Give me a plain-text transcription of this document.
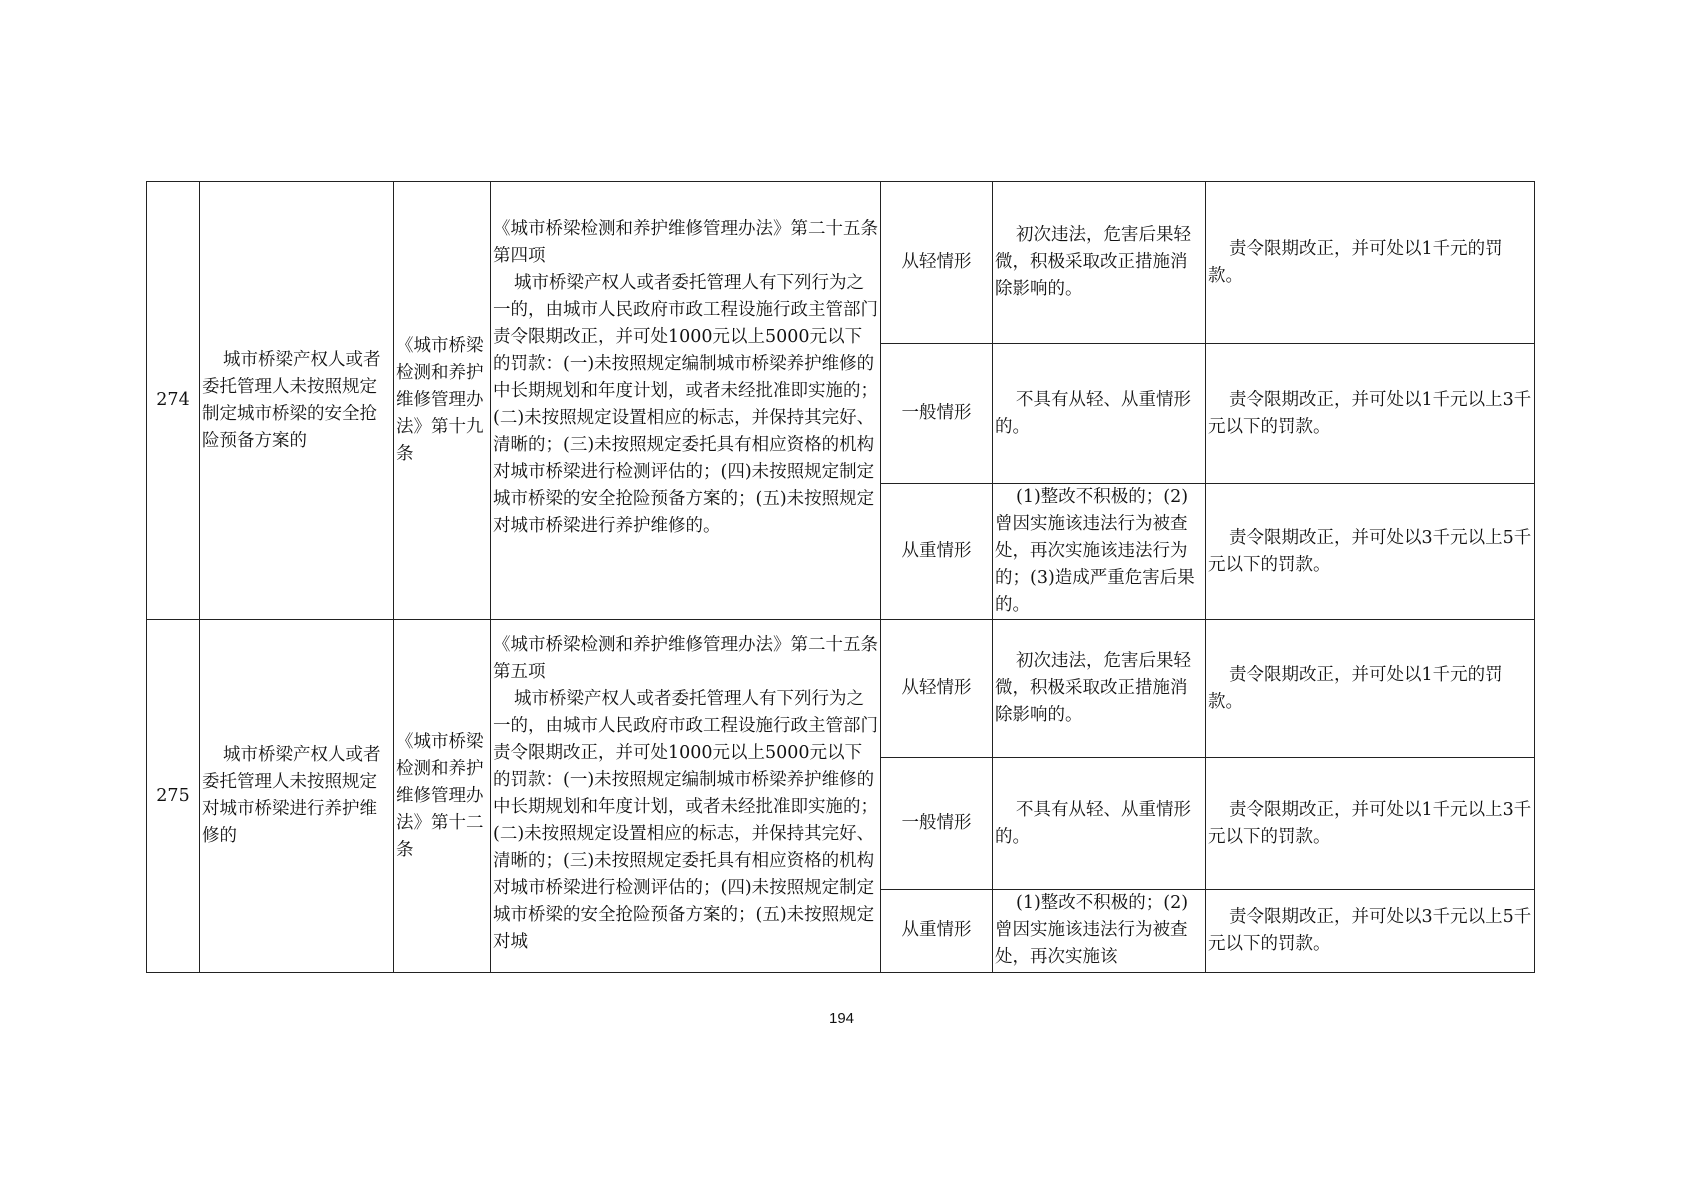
274	城市桥梁产权人或者委托管理人未按照规定制定城市桥梁的安全抢险预备方案的	《城市桥梁检测和养护维修管理办法》第十九条	《城市桥梁检测和养护维修管理办法》第二十五条第四项
城市桥梁产权人或者委托管理人有下列行为之一的，由城市人民政府市政工程设施行政主管部门责令限期改正，并可处1000元以上5000元以下的罚款：(一)未按照规定编制城市桥梁养护维修的中长期规划和年度计划，或者未经批准即实施的；(二)未按照规定设置相应的标志，并保持其完好、清晰的；(三)未按照规定委托具有相应资格的机构对城市桥梁进行检测评估的；(四)未按照规定制定城市桥梁的安全抢险预备方案的；(五)未按照规定对城市桥梁进行养护维修的。	从轻情形	初次违法，危害后果轻微，积极采取改正措施消除影响的。	责令限期改正，并可处以1千元的罚款。

				一般情形	不具有从轻、从重情形的。	责令限期改正，并可处以1千元以上3千元以下的罚款。

				从重情形	(1)整改不积极的；(2)曾因实施该违法行为被查处，再次实施该违法行为的；(3)造成严重危害后果的。	责令限期改正，并可处以3千元以上5千元以下的罚款。

275	城市桥梁产权人或者委托管理人未按照规定对城市桥梁进行养护维修的	《城市桥梁检测和养护维修管理办法》第十二条	《城市桥梁检测和养护维修管理办法》第二十五条第五项
城市桥梁产权人或者委托管理人有下列行为之一的，由城市人民政府市政工程设施行政主管部门责令限期改正，并可处1000元以上5000元以下的罚款：(一)未按照规定编制城市桥梁养护维修的中长期规划和年度计划，或者未经批准即实施的；(二)未按照规定设置相应的标志，并保持其完好、清晰的；(三)未按照规定委托具有相应资格的机构对城市桥梁进行检测评估的；(四)未按照规定制定城市桥梁的安全抢险预备方案的；(五)未按照规定对城	从轻情形	初次违法，危害后果轻微，积极采取改正措施消除影响的。	责令限期改正，并可处以1千元的罚款。

				一般情形	不具有从轻、从重情形的。	责令限期改正，并可处以1千元以上3千元以下的罚款。

				从重情形	(1)整改不积极的；(2)曾因实施该违法行为被查处，再次实施该	责令限期改正，并可处以3千元以上5千元以下的罚款。
194
